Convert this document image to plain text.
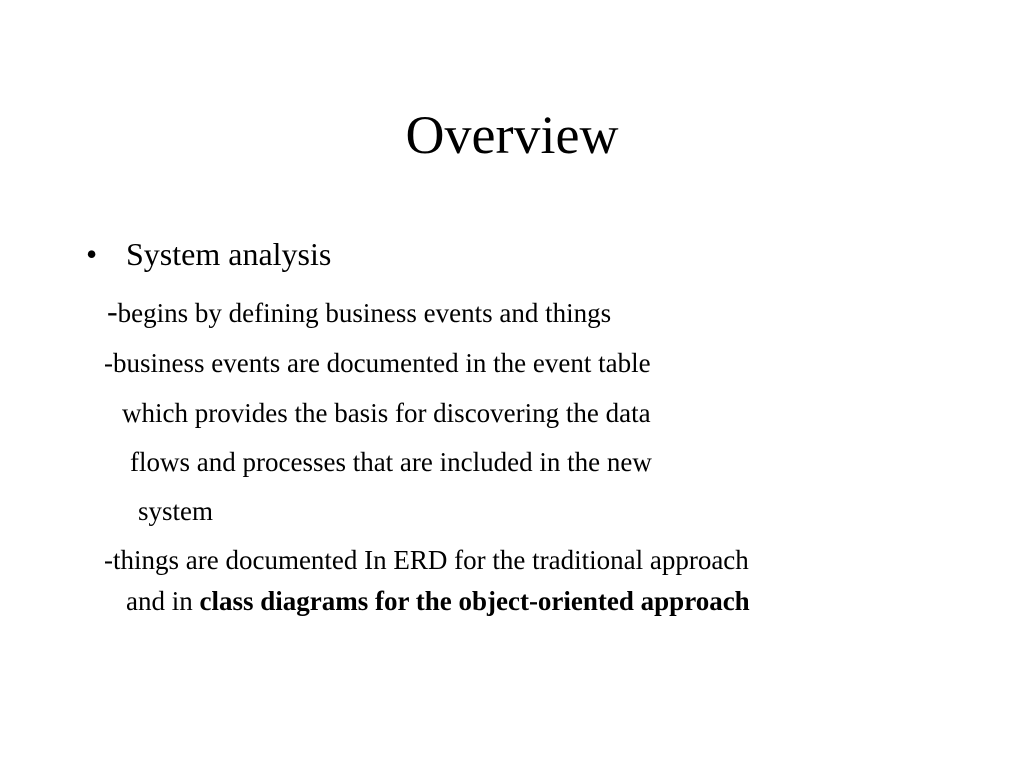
Overview
• System analysis
-begins by defining business events and things
-business events are documented in the event table
which provides the basis for discovering the data
flows and processes that are included in the new
system
-things are documented In ERD for the traditional approach
and in class diagrams for the object-oriented approach
